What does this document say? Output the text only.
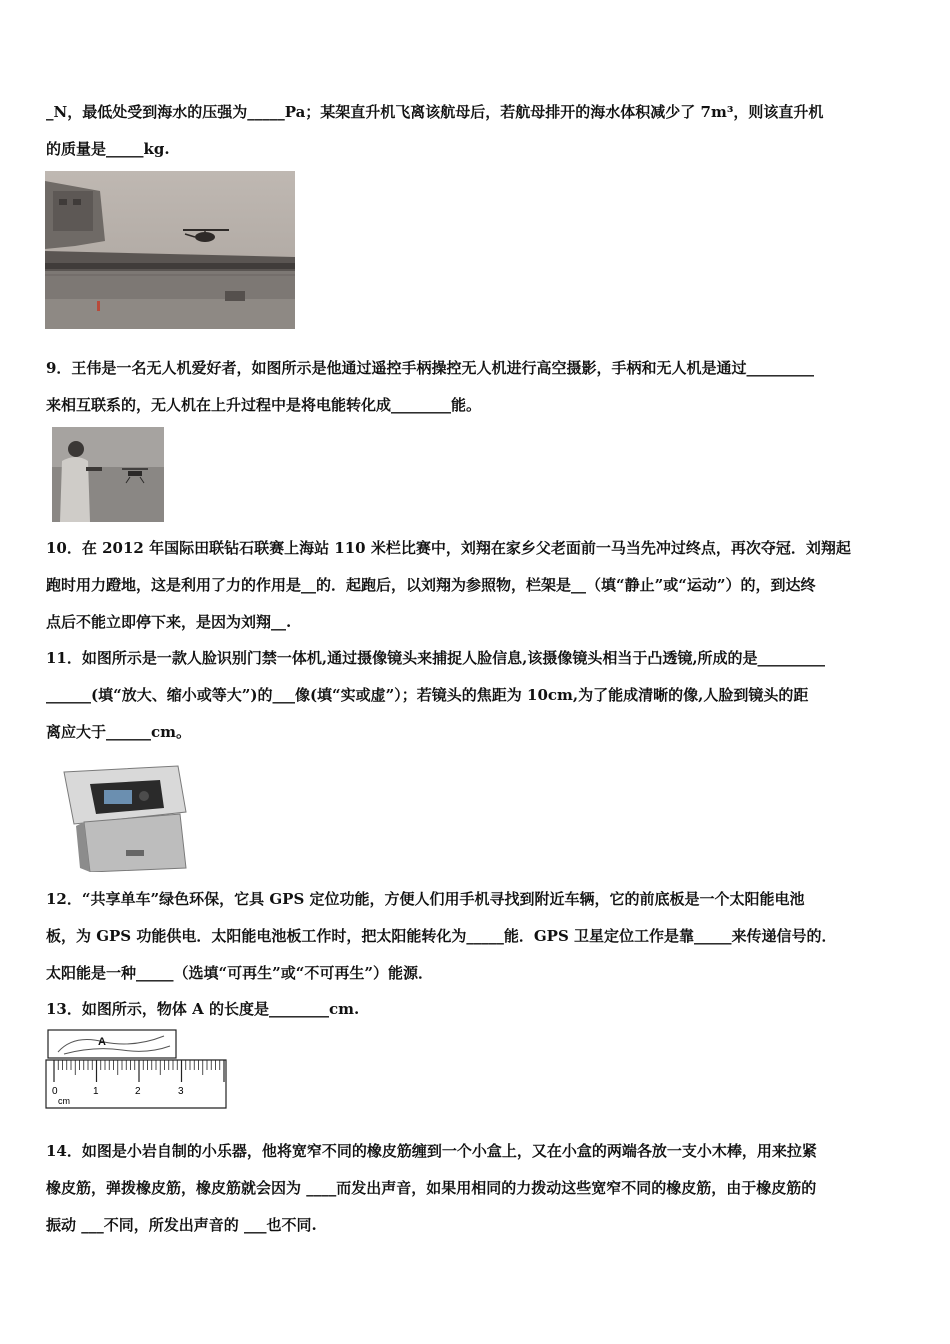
_N，最低处受到海水的压强为_____Pa；某架直升机飞离该航母后，若航母排开的海水体积减少了 7m³，则该直升机
的质量是_____kg.
9．王伟是一名无人机爱好者，如图所示是他通过遥控手柄操控无人机进行高空摄影，手柄和无人机是通过_________
来相互联系的，无人机在上升过程中是将电能转化成________能。
10．在 2012 年国际田联钻石联赛上海站 110 米栏比赛中，刘翔在家乡父老面前一马当先冲过终点，再次夺冠．刘翔起
跑时用力蹬地，这是利用了力的作用是__的．起跑后，以刘翔为参照物，栏架是__（填“静止”或“运动”）的，到达终
点后不能立即停下来，是因为刘翔__.
11．如图所示是一款人脸识别门禁一体机,通过摄像镜头来捕捉人脸信息,该摄像镜头相当于凸透镜,所成的是_________
______(填“放大、缩小或等大”)的___像(填“实或虚”）；若镜头的焦距为 10cm,为了能成清晰的像,人脸到镜头的距
离应大于______cm。
12．“共享单车”绿色环保，它具 GPS 定位功能，方便人们用手机寻找到附近车辆，它的前底板是一个太阳能电池
板，为 GPS 功能供电．太阳能电池板工作时，把太阳能转化为_____能．GPS 卫星定位工作是靠_____来传递信号的．
太阳能是一种_____（选填“可再生”或“不可再生”）能源．
13．如图所示，物体 A 的长度是________cm.
A
0	1	2	3
cm
14．如图是小岩自制的小乐器，他将宽窄不同的橡皮筋缠到一个小盒上，又在小盒的两端各放一支小木棒，用来拉紧
橡皮筋，弹拨橡皮筋，橡皮筋就会因为 ____而发出声音，如果用相同的力拨动这些宽窄不同的橡皮筋，由于橡皮筋的
振动 ___不同，所发出声音的 ___也不同.
